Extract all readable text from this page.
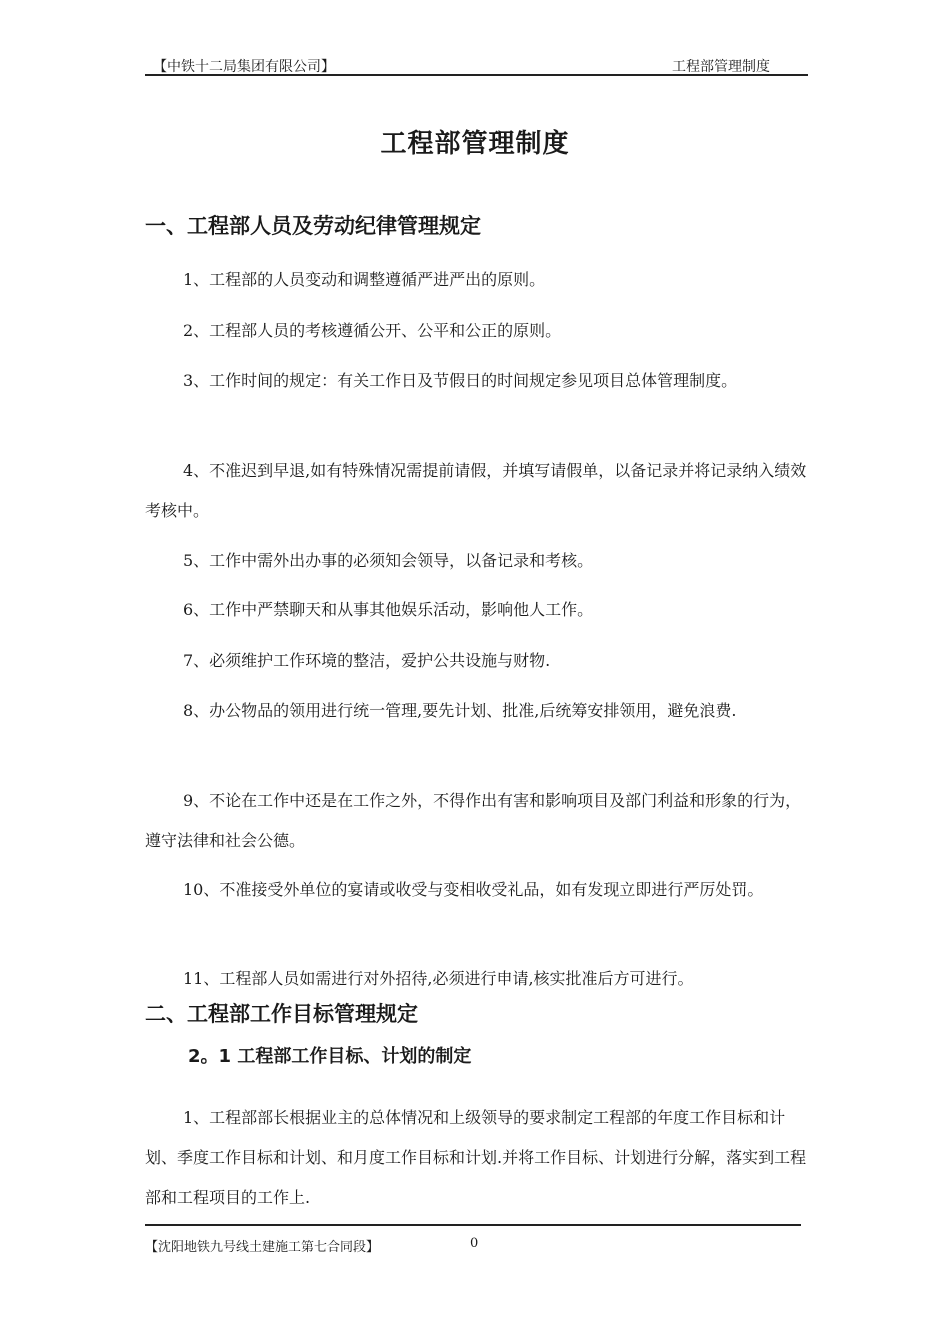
【中铁十二局集团有限公司】	工程部管理制度
工程部管理制度
一、工程部人员及劳动纪律管理规定
1、工程部的人员变动和调整遵循严进严出的原则。
2、工程部人员的考核遵循公开、公平和公正的原则。
3、工作时间的规定：有关工作日及节假日的时间规定参见项目总体管理制度。
4、不准迟到早退,如有特殊情况需提前请假，并填写请假单，以备记录并将记录纳入绩效考核中。
5、工作中需外出办事的必须知会领导，以备记录和考核。
6、工作中严禁聊天和从事其他娱乐活动，影响他人工作。
7、必须维护工作环境的整洁，爱护公共设施与财物.
8、办公物品的领用进行统一管理,要先计划、批准,后统筹安排领用，避免浪费.
9、不论在工作中还是在工作之外，不得作出有害和影响项目及部门利益和形象的行为，遵守法律和社会公德。
10、不准接受外单位的宴请或收受与变相收受礼品，如有发现立即进行严厉处罚。
11、工程部人员如需进行对外招待,必须进行申请,核实批准后方可进行。
二、工程部工作目标管理规定
2。1 工程部工作目标、计划的制定
1、工程部部长根据业主的总体情况和上级领导的要求制定工程部的年度工作目标和计划、季度工作目标和计划、和月度工作目标和计划.并将工作目标、计划进行分解，落实到工程部和工程项目的工作上.
【沈阳地铁九号线土建施工第七合同段】	0
